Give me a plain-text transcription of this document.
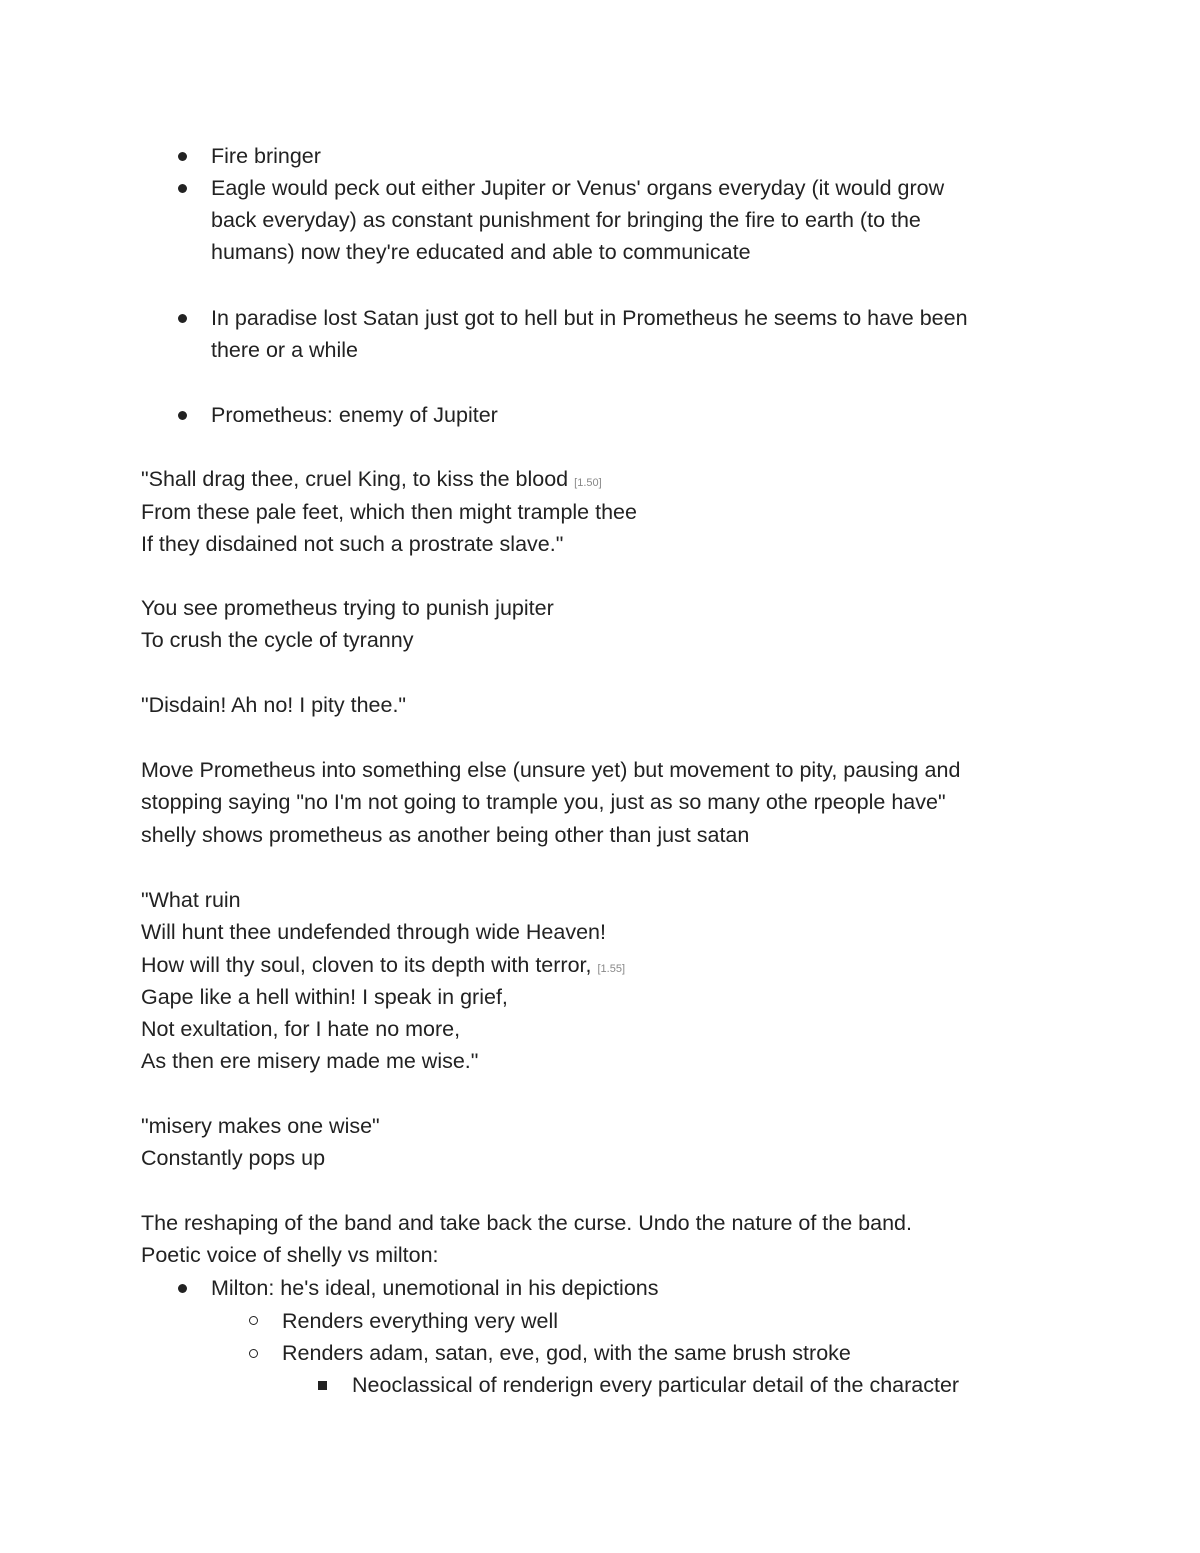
Fire bringer
Eagle would peck out either Jupiter or Venus' organs everyday (it would grow
back everyday) as constant punishment for bringing the fire to earth (to the
humans) now they're educated and able to communicate
In paradise lost Satan just got to hell but in Prometheus he seems to have been
there or a while
Prometheus: enemy of Jupiter
"Shall drag thee, cruel King, to kiss the blood [1.50]
From these pale feet, which then might trample thee
If they disdained not such a prostrate slave."
You see prometheus trying to punish jupiter
To crush the cycle of tyranny
"Disdain! Ah no! I pity thee."
Move Prometheus into something else (unsure yet) but movement to pity, pausing and
stopping saying "no I'm not going to trample you, just as so many othe rpeople have"
shelly shows prometheus as another being other than just satan
"What ruin
Will hunt thee undefended through wide Heaven!
How will thy soul, cloven to its depth with terror, [1.55]
Gape like a hell within! I speak in grief,
Not exultation, for I hate no more,
As then ere misery made me wise."
"misery makes one wise"
Constantly pops up
The reshaping of the band and take back the curse. Undo the nature of the band.
Poetic voice of shelly vs milton:
Milton: he's ideal, unemotional in his depictions
Renders everything very well
Renders adam, satan, eve, god, with the same brush stroke
Neoclassical of renderign every particular detail of the character
